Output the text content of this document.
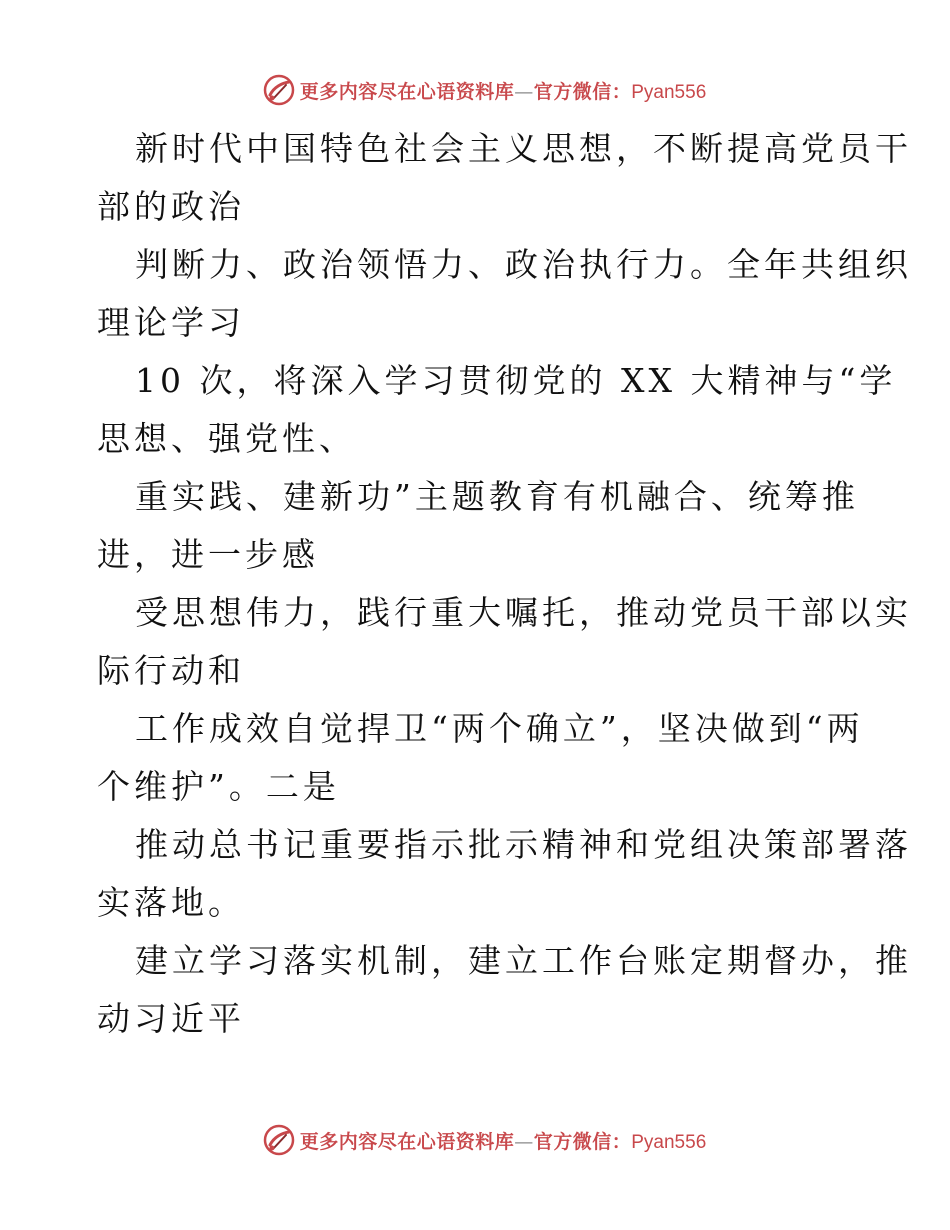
更多内容尽在心语资料库—官方微信：Pyan556
新时代中国特色社会主义思想，不断提高党员干
部的政治
判断力、政治领悟力、政治执行力。全年共组织
理论学习
10 次，将深入学习贯彻党的 XX 大精神与“学
思想、强党性、
重实践、建新功”主题教育有机融合、统筹推
进，进一步感
受思想伟力，践行重大嘱托，推动党员干部以实
际行动和
工作成效自觉捍卫“两个确立”，坚决做到“两
个维护”。二是
推动总书记重要指示批示精神和党组决策部署落
实落地。
建立学习落实机制，建立工作台账定期督办，推
动习近平
更多内容尽在心语资料库—官方微信：Pyan556
